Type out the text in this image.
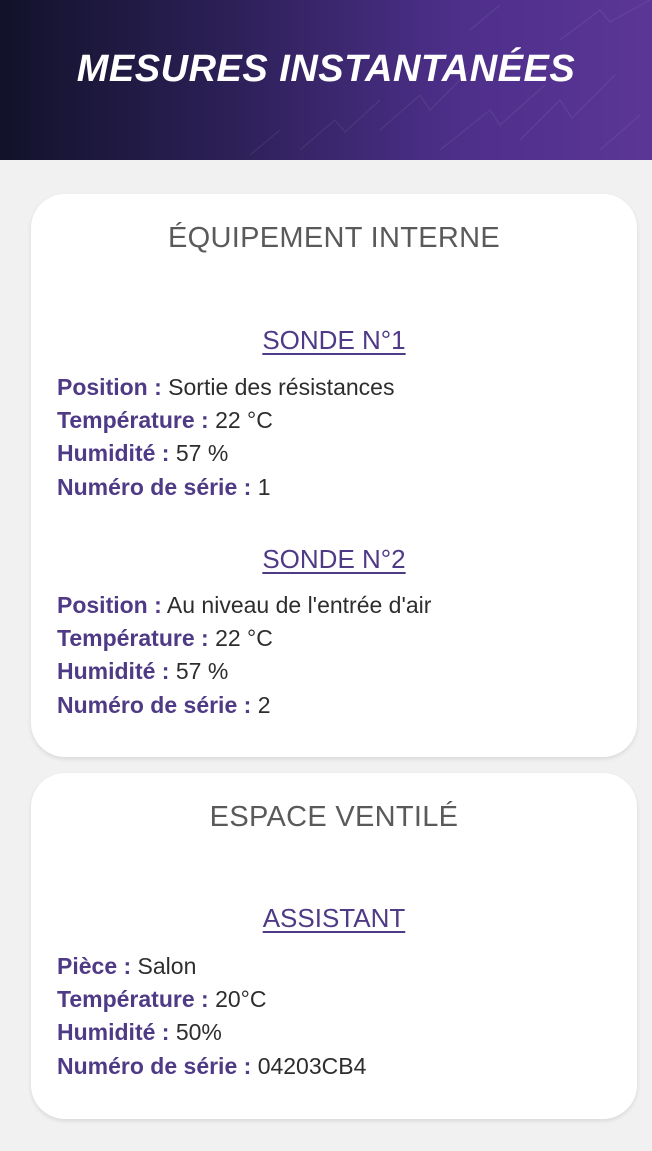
MESURES INSTANTANÉES
ÉQUIPEMENT INTERNE
SONDE N°1
Position : Sortie des résistances
Température : 22 °C
Humidité : 57 %
Numéro de série : 1
SONDE N°2
Position : Au niveau de l'entrée d'air
Température : 22 °C
Humidité : 57 %
Numéro de série : 2
ESPACE VENTILÉ
ASSISTANT
Pièce : Salon
Température : 20°C
Humidité : 50%
Numéro de série : 04203CB4
